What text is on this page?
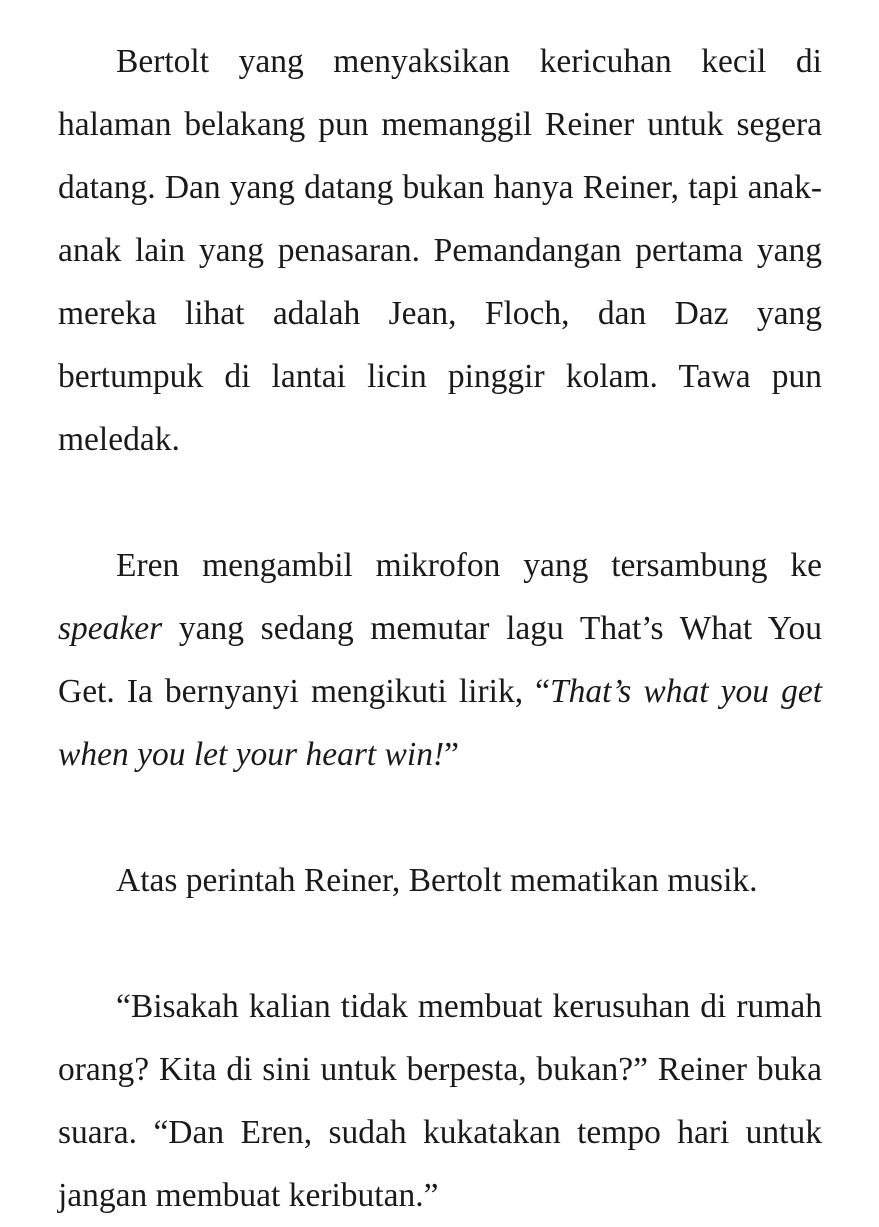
Bertolt yang menyaksikan kericuhan kecil di halaman belakang pun memanggil Reiner untuk segera datang. Dan yang datang bukan hanya Reiner, tapi anak-anak lain yang penasaran. Pemandangan pertama yang mereka lihat adalah Jean, Floch, dan Daz yang bertumpuk di lantai licin pinggir kolam. Tawa pun meledak.

Eren mengambil mikrofon yang tersambung ke speaker yang sedang memutar lagu That’s What You Get. Ia bernyanyi mengikuti lirik, “That’s what you get when you let your heart win!”

Atas perintah Reiner, Bertolt mematikan musik.

“Bisakah kalian tidak membuat kerusuhan di rumah orang? Kita di sini untuk berpesta, bukan?” Reiner buka suara. “Dan Eren, sudah kukatakan tempo hari untuk jangan membuat keributan.”
